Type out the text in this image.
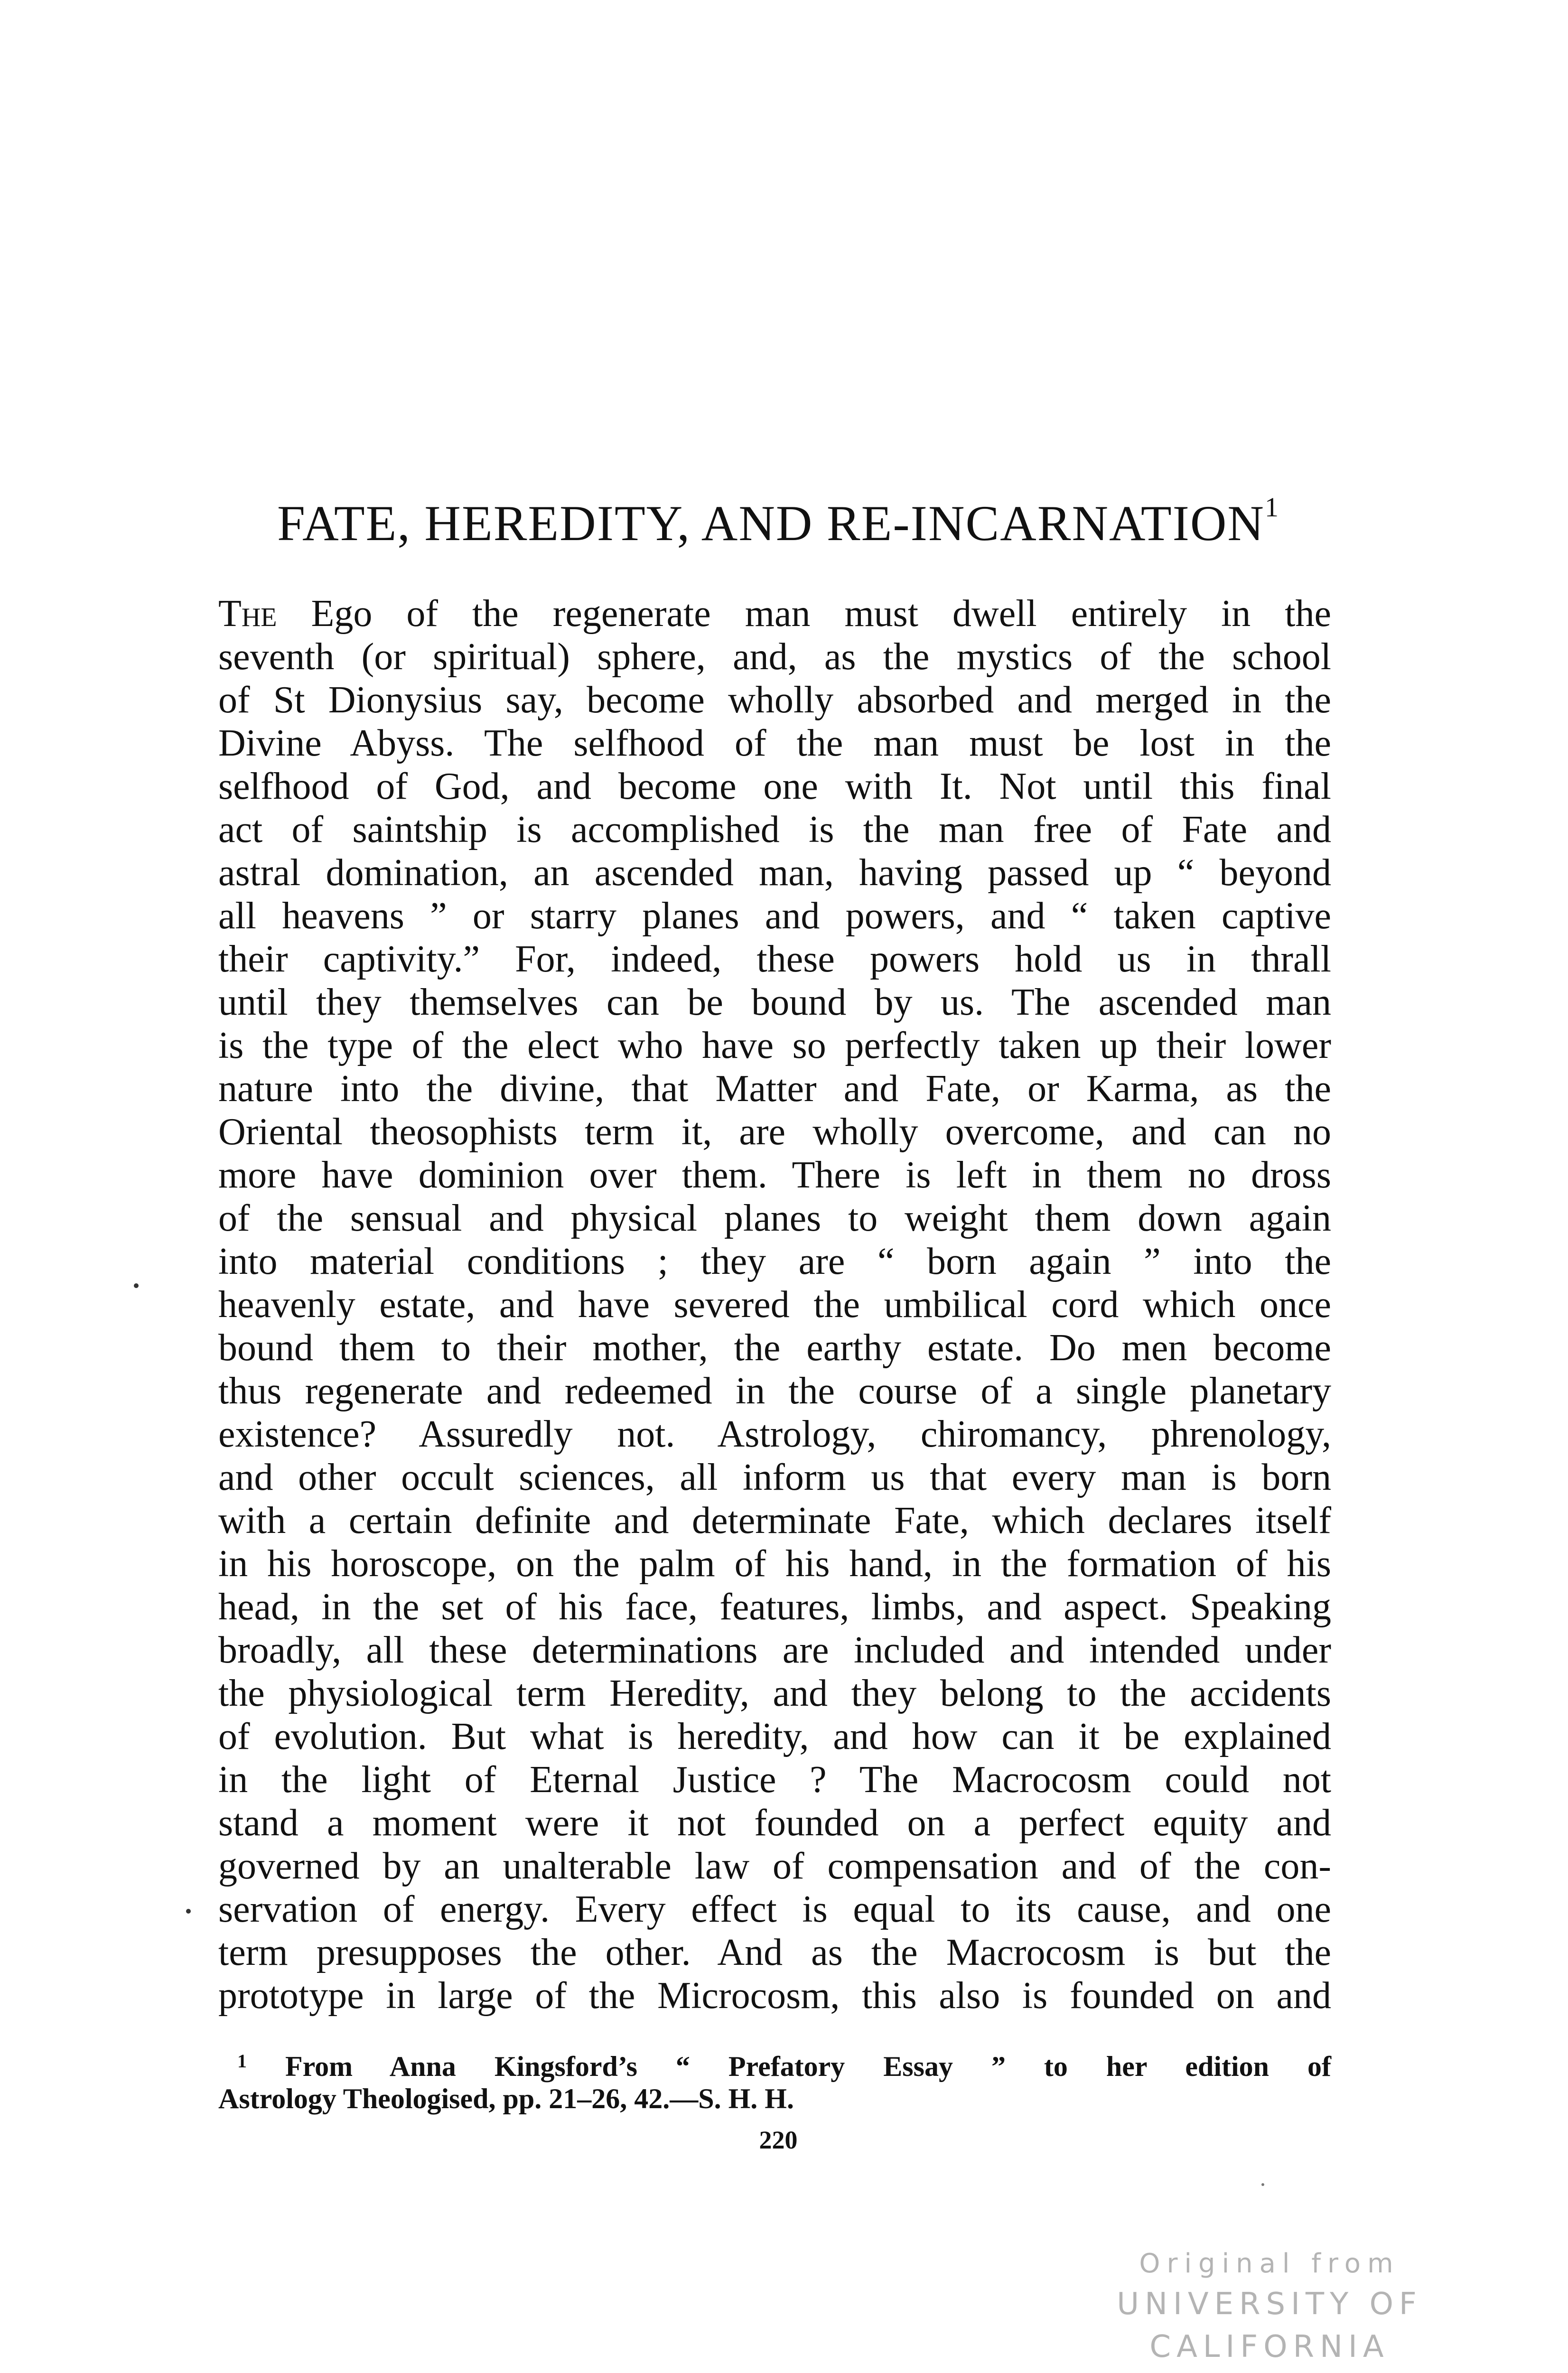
FATE, HEREDITY, AND RE-INCARNATION$^1$
The Ego of the regenerate man must dwell entirely in the
seventh (or spiritual) sphere, and, as the mystics of the school
of St Dionysius say, become wholly absorbed and merged in the
Divine Abyss. The selfhood of the man must be lost in the
selfhood of God, and become one with It. Not until this final
act of saintship is accomplished is the man free of Fate and
astral domination, an ascended man, having passed up “ beyond
all heavens ” or starry planes and powers, and “ taken captive
their captivity.” For, indeed, these powers hold us in thrall
until they themselves can be bound by us. The ascended man
is the type of the elect who have so perfectly taken up their lower
nature into the divine, that Matter and Fate, or Karma, as the
Oriental theosophists term it, are wholly overcome, and can no
more have dominion over them. There is left in them no dross
of the sensual and physical planes to weight them down again
into material conditions ; they are “ born again ” into the
heavenly estate, and have severed the umbilical cord which once
bound them to their mother, the earthy estate. Do men become
thus regenerate and redeemed in the course of a single planetary
existence? Assuredly not. Astrology, chiromancy, phrenology,
and other occult sciences, all inform us that every man is born
with a certain definite and determinate Fate, which declares itself
in his horoscope, on the palm of his hand, in the formation of his
head, in the set of his face, features, limbs, and aspect. Speaking
broadly, all these determinations are included and intended under
the physiological term Heredity, and they belong to the accidents
of evolution. But what is heredity, and how can it be explained
in the light of Eternal Justice ? The Macrocosm could not
stand a moment were it not founded on a perfect equity and
governed by an unalterable law of compensation and of the con-
servation of energy. Every effect is equal to its cause, and one
term presupposes the other. And as the Macrocosm is but the
prototype in large of the Microcosm, this also is founded on and
$^1$ From Anna Kingsford’s “ Prefatory Essay ” to her edition of
Astrology Theologised, pp. 21–26, 42.—S. H. H.
220
Original from
UNIVERSITY OF CALIFORNIA
